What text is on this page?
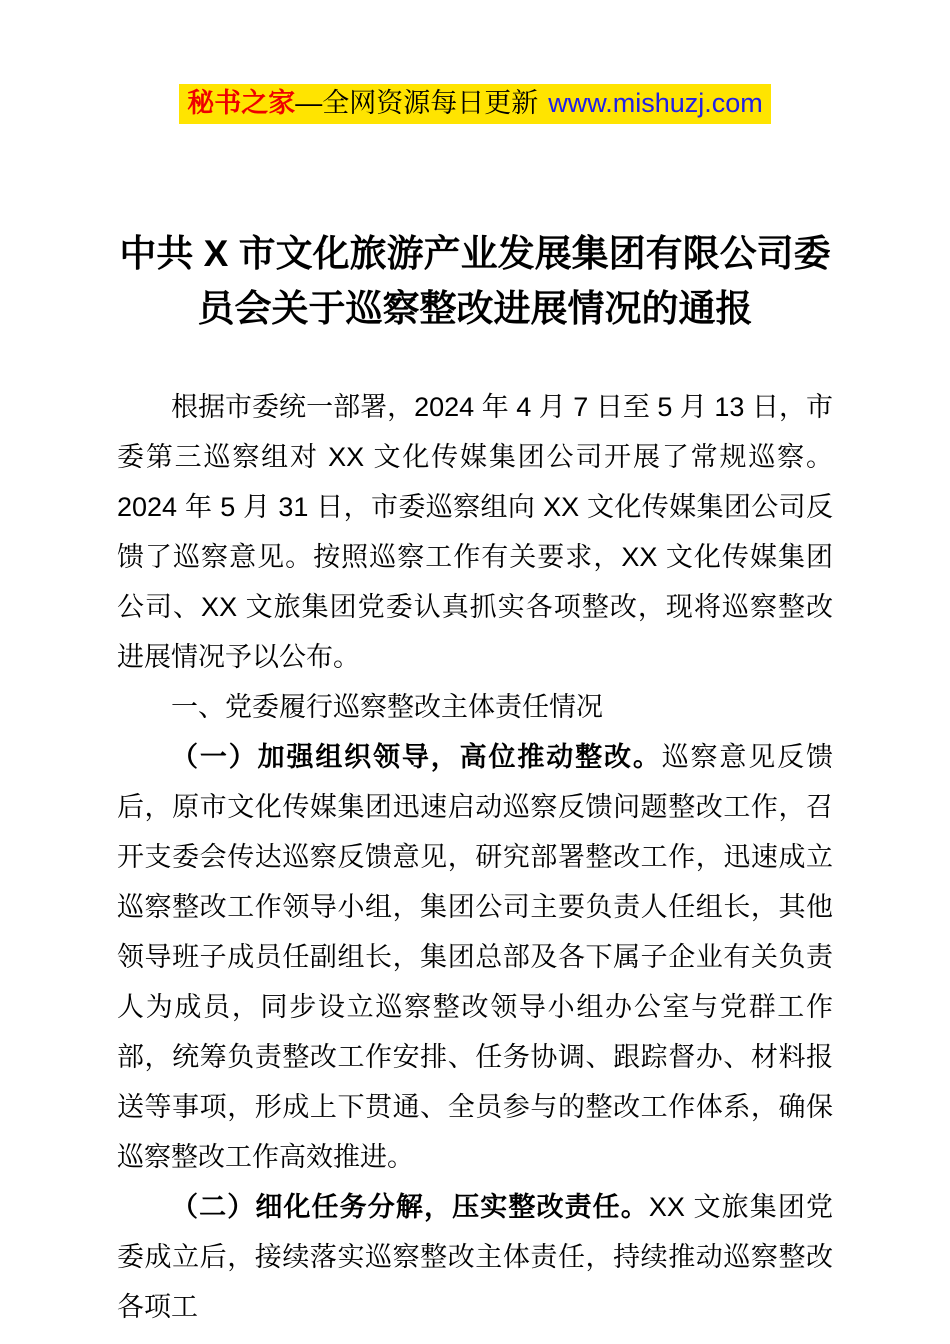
秘书之家—全网资源每日更新 www.mishuzj.com
中共 X 市文化旅游产业发展集团有限公司委员会关于巡察整改进展情况的通报

根据市委统一部署，2024 年 4 月 7 日至 5 月 13 日，市委第三巡察组对 XX 文化传媒集团公司开展了常规巡察。2024 年 5 月 31 日，市委巡察组向 XX 文化传媒集团公司反馈了巡察意见。按照巡察工作有关要求，XX 文化传媒集团公司、XX 文旅集团党委认真抓实各项整改，现将巡察整改进展情况予以公布。

一、党委履行巡察整改主体责任情况

（一）加强组织领导，高位推动整改。巡察意见反馈后，原市文化传媒集团迅速启动巡察反馈问题整改工作，召开支委会传达巡察反馈意见，研究部署整改工作，迅速成立巡察整改工作领导小组，集团公司主要负责人任组长，其他领导班子成员任副组长，集团总部及各下属子企业有关负责人为成员，同步设立巡察整改领导小组办公室与党群工作部，统筹负责整改工作安排、任务协调、跟踪督办、材料报送等事项，形成上下贯通、全员参与的整改工作体系，确保巡察整改工作高效推进。

（二）细化任务分解，压实整改责任。XX 文旅集团党委成立后，接续落实巡察整改主体责任，持续推动巡察整改各项工
